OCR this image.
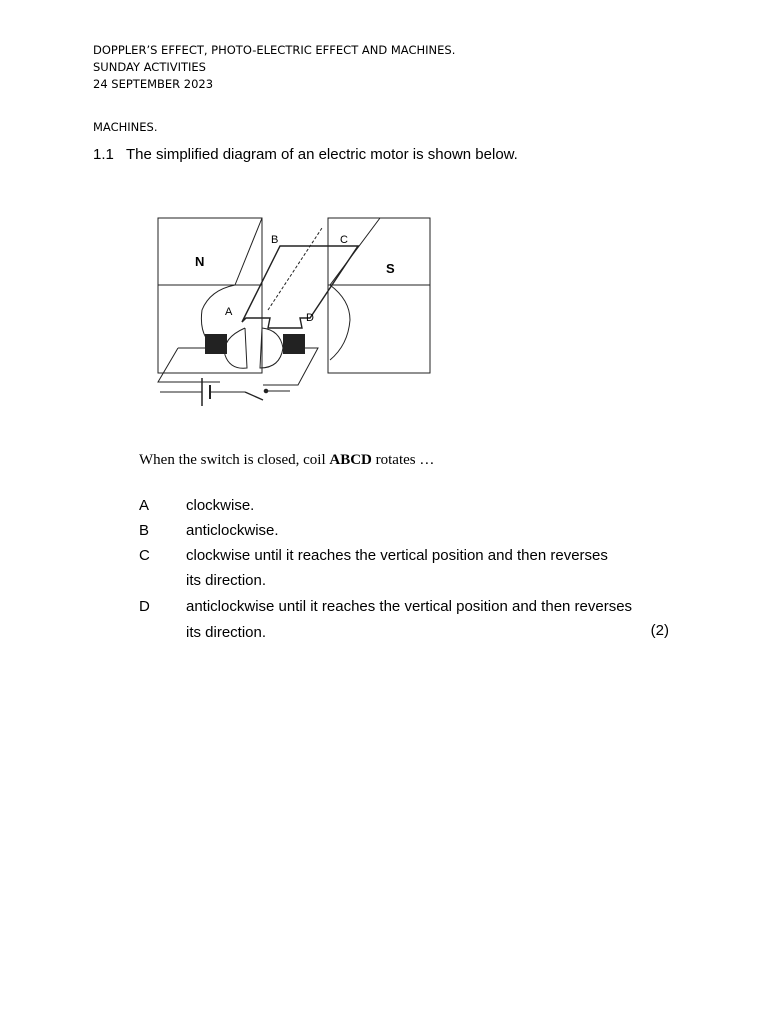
DOPPLER’S EFFECT, PHOTO-ELECTRIC EFFECT AND MACHINES.
SUNDAY ACTIVITIES
24 SEPTEMBER 2023
MACHINES.
1.1 The simplified diagram of an electric motor is shown below.
N	S
A
B	C
D
When the switch is closed, coil ABCD rotates …
A	clockwise.
B	anticlockwise.
C	clockwise until it reaches the vertical position and then reverses
its direction.
D	anticlockwise until it reaches the vertical position and then reverses
its direction.	(2)
